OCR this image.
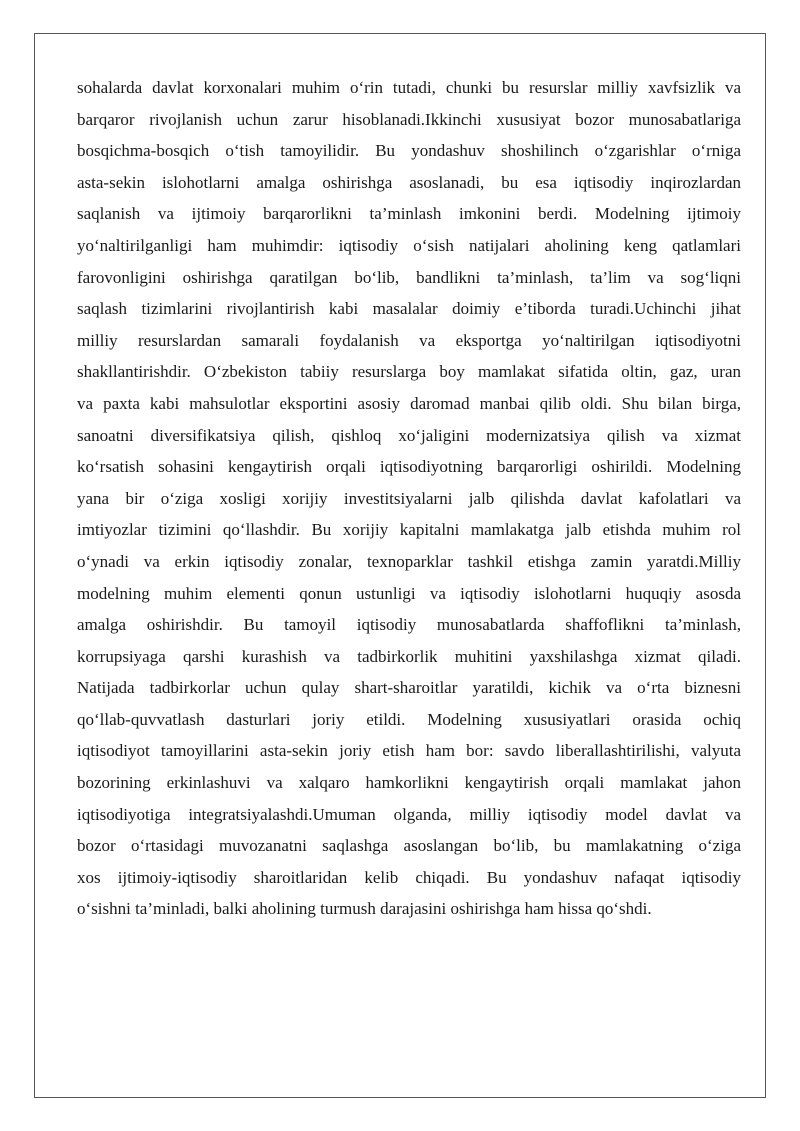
sohalarda davlat korxonalari muhim o‘rin tutadi, chunki bu resurslar milliy xavfsizlik va
barqaror rivojlanish uchun zarur hisoblanadi.Ikkinchi xususiyat bozor munosabatlariga
bosqichma-bosqich o‘tish tamoyilidir. Bu yondashuv shoshilinch o‘zgarishlar o‘rniga
asta-sekin islohotlarni amalga oshirishga asoslanadi, bu esa iqtisodiy inqirozlardan
saqlanish va ijtimoiy barqarorlikni ta’minlash imkonini berdi. Modelning ijtimoiy
yo‘naltirilganligi ham muhimdir: iqtisodiy o‘sish natijalari aholining keng qatlamlari
farovonligini oshirishga qaratilgan bo‘lib, bandlikni ta’minlash, ta’lim va sog‘liqni
saqlash tizimlarini rivojlantirish kabi masalalar doimiy e’tiborda turadi.Uchinchi jihat
milliy resurslardan samarali foydalanish va eksportga yo‘naltirilgan iqtisodiyotni
shakllantirishdir. O‘zbekiston tabiiy resurslarga boy mamlakat sifatida oltin, gaz, uran
va paxta kabi mahsulotlar eksportini asosiy daromad manbai qilib oldi. Shu bilan birga,
sanoatni diversifikatsiya qilish, qishloq xo‘jaligini modernizatsiya qilish va xizmat
ko‘rsatish sohasini kengaytirish orqali iqtisodiyotning barqarorligi oshirildi. Modelning
yana bir o‘ziga xosligi xorijiy investitsiyalarni jalb qilishda davlat kafolatlari va
imtiyozlar tizimini qo‘llashdir. Bu xorijiy kapitalni mamlakatga jalb etishda muhim rol
o‘ynadi va erkin iqtisodiy zonalar, texnoparklar tashkil etishga zamin yaratdi.Milliy
modelning muhim elementi qonun ustunligi va iqtisodiy islohotlarni huquqiy asosda
amalga oshirishdir. Bu tamoyil iqtisodiy munosabatlarda shaffoflikni ta’minlash,
korrupsiyaga qarshi kurashish va tadbirkorlik muhitini yaxshilashga xizmat qiladi.
Natijada tadbirkorlar uchun qulay shart-sharoitlar yaratildi, kichik va o‘rta biznesni
qo‘llab-quvvatlash dasturlari joriy etildi. Modelning xususiyatlari orasida ochiq
iqtisodiyot tamoyillarini asta-sekin joriy etish ham bor: savdo liberallashtirilishi, valyuta
bozorining erkinlashuvi va xalqaro hamkorlikni kengaytirish orqali mamlakat jahon
iqtisodiyotiga integratsiyalashdi.Umuman olganda, milliy iqtisodiy model davlat va
bozor o‘rtasidagi muvozanatni saqlashga asoslangan bo‘lib, bu mamlakatning o‘ziga
xos ijtimoiy-iqtisodiy sharoitlaridan kelib chiqadi. Bu yondashuv nafaqat iqtisodiy
o‘sishni ta’minladi, balki aholining turmush darajasini oshirishga ham hissa qo‘shdi.
